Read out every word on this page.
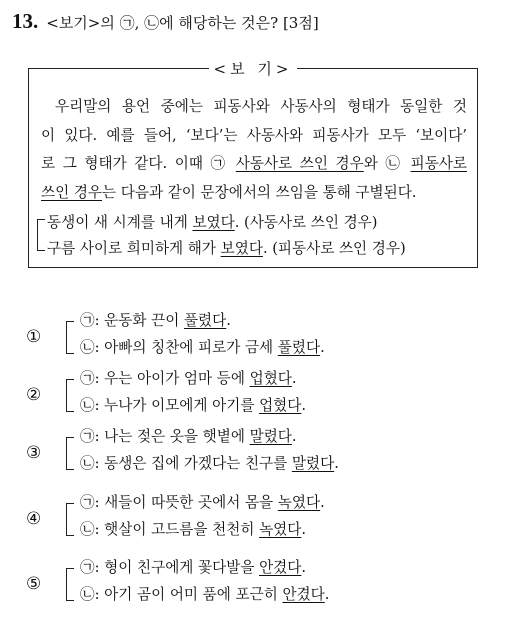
13. <보기>의 ㉠, ㉡에 해당하는 것은? [3점]
<보 기>
우리말의 용언 중에는 피동사와 사동사의 형태가 동일한 것
이 있다. 예를 들어, ‘보다’는 사동사와 피동사가 모두 ‘보이다’
로 그 형태가 같다. 이때 ㉠ 사동사로 쓰인 경우와 ㉡ 피동사로
쓰인 경우는 다음과 같이 문장에서의 쓰임을 통해 구별된다.
동생이 새 시계를 내게 보였다. (사동사로 쓰인 경우)
구름 사이로 희미하게 해가 보였다. (피동사로 쓰인 경우)
①
㉠: 운동화 끈이 풀렸다.
㉡: 아빠의 칭찬에 피로가 금세 풀렸다.
②
㉠: 우는 아이가 엄마 등에 업혔다.
㉡: 누나가 이모에게 아기를 업혔다.
③
㉠: 나는 젖은 옷을 햇볕에 말렸다.
㉡: 동생은 집에 가겠다는 친구를 말렸다.
④
㉠: 새들이 따뜻한 곳에서 몸을 녹였다.
㉡: 햇살이 고드름을 천천히 녹였다.
⑤
㉠: 형이 친구에게 꽃다발을 안겼다.
㉡: 아기 곰이 어미 품에 포근히 안겼다.
